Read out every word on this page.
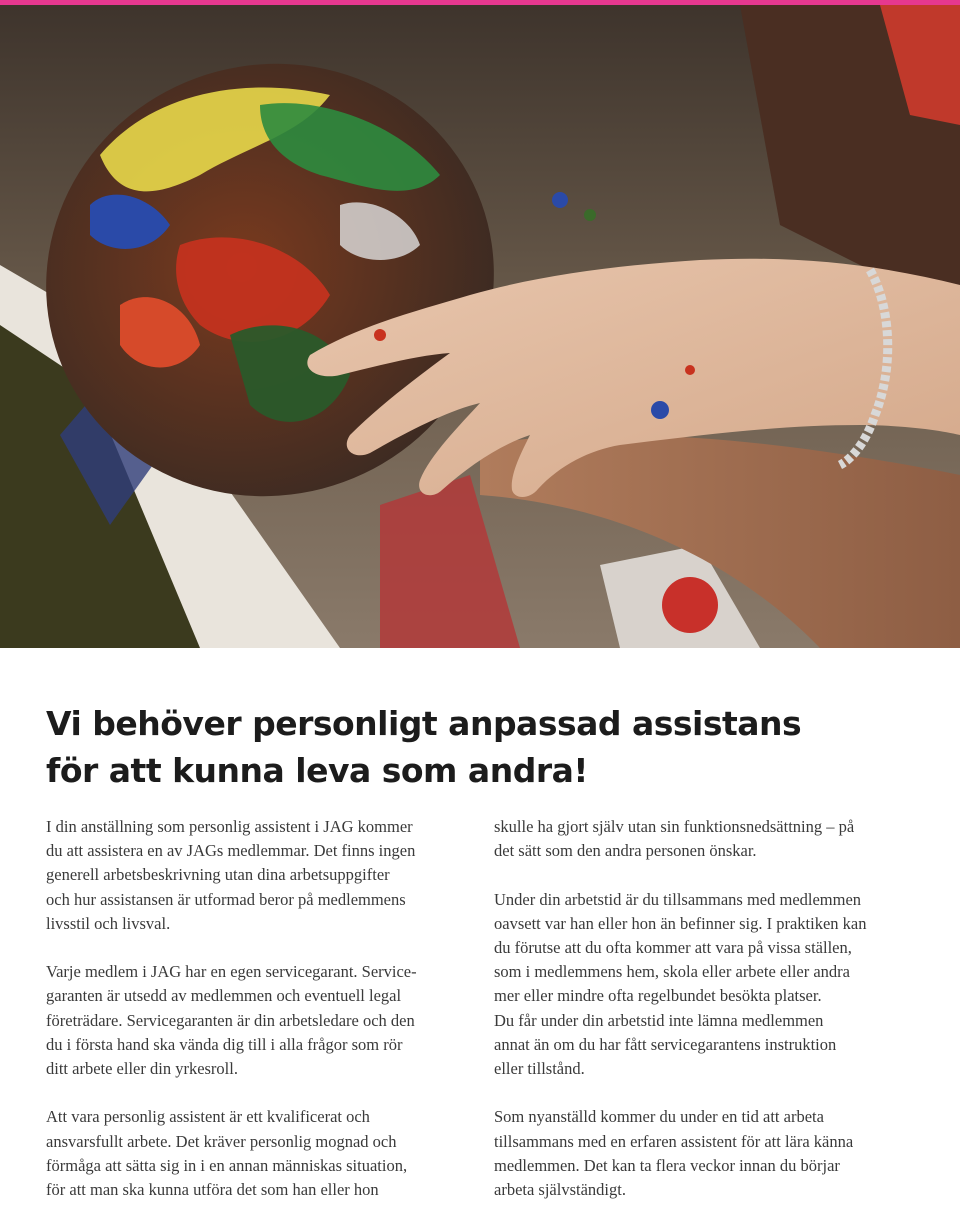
Vi behöver personligt anpassad assistans
för att kunna leva som andra!

I din anställning som personlig assistent i JAG kommer
du att assistera en av JAGs medlemmar. Det finns ingen
generell arbetsbeskrivning utan dina arbetsuppgifter
och hur assistansen är utformad beror på medlemmens
livsstil och livsval.

Varje medlem i JAG har en egen servicegarant. Service-
garanten är utsedd av medlemmen och eventuell legal
företrädare. Servicegaranten är din arbetsledare och den
du i första hand ska vända dig till i alla frågor som rör
ditt arbete eller din yrkesroll.

Att vara personlig assistent är ett kvalificerat och
ansvarsfullt arbete. Det kräver personlig mognad och
förmåga att sätta sig in i en annan människas situation,
för att man ska kunna utföra det som han eller hon

skulle ha gjort själv utan sin funktionsnedsättning – på
det sätt som den andra personen önskar.

Under din arbetstid är du tillsammans med medlemmen
oavsett var han eller hon än befinner sig. I praktiken kan
du förutse att du ofta kommer att vara på vissa ställen,
som i medlemmens hem, skola eller arbete eller andra
mer eller mindre ofta regelbundet besökta platser.
Du får under din arbetstid inte lämna medlemmen
annat än om du har fått servicegarantens instruktion
eller tillstånd.

Som nyanställd kommer du under en tid att arbeta
tillsammans med en erfaren assistent för att lära känna
medlemmen. Det kan ta flera veckor innan du börjar
arbeta självständigt.
